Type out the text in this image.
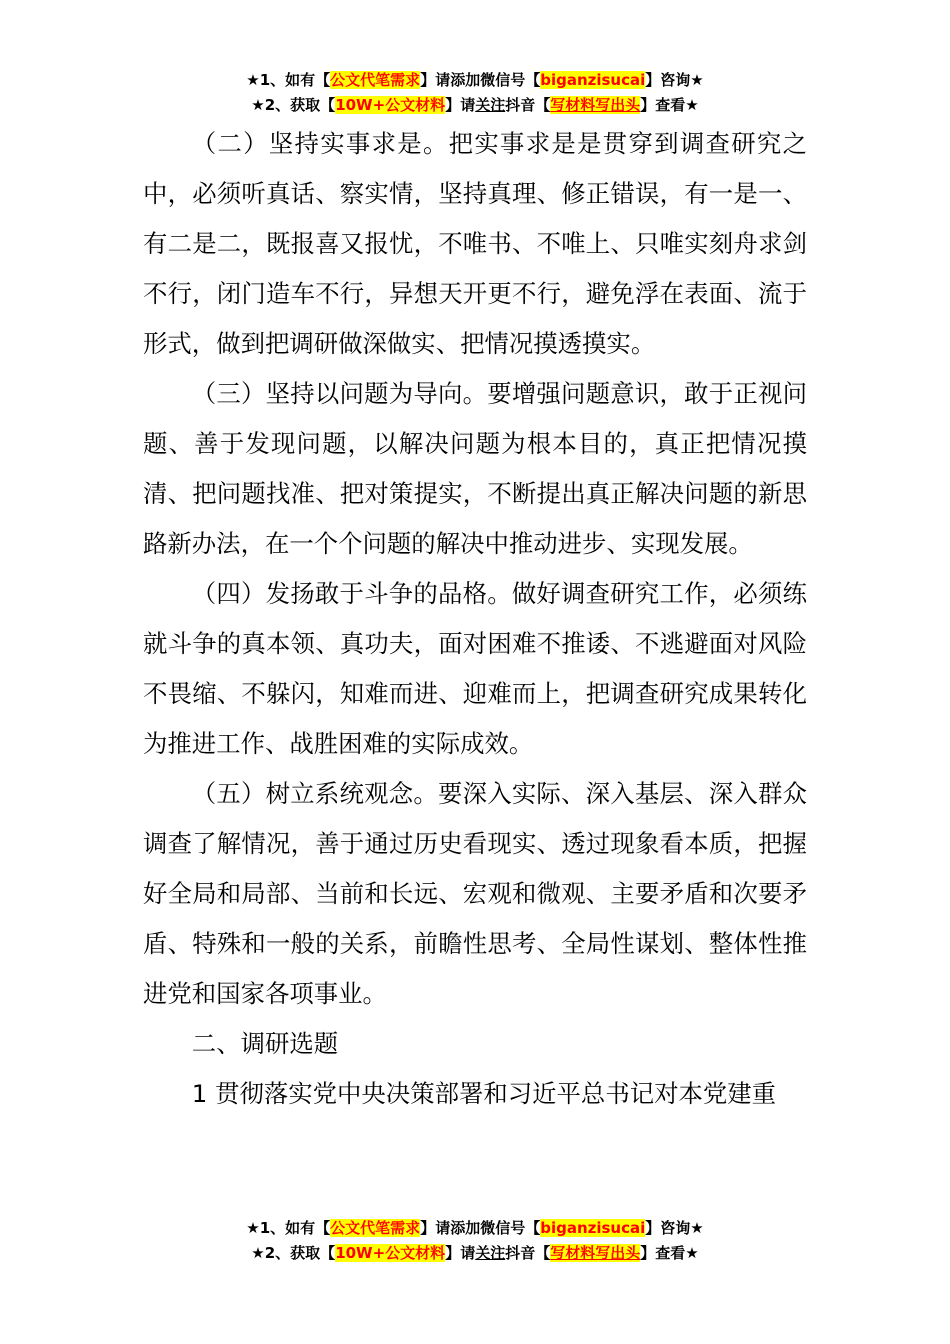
★1、如有【公文代笔需求】请添加微信号【biganzisucai】咨询★
★2、获取【10W+公文材料】请关注抖音【写材料写出头】查看★

（二）坚持实事求是。把实事求是是贯穿到调查研究之中，必须听真话、察实情，坚持真理、修正错误，有一是一、有二是二，既报喜又报忧，不唯书、不唯上、只唯实刻舟求剑不行，闭门造车不行，异想天开更不行，避免浮在表面、流于形式，做到把调研做深做实、把情况摸透摸实。

（三）坚持以问题为导向。要增强问题意识，敢于正视问题、善于发现问题，以解决问题为根本目的，真正把情况摸清、把问题找准、把对策提实，不断提出真正解决问题的新思路新办法，在一个个问题的解决中推动进步、实现发展。

（四）发扬敢于斗争的品格。做好调查研究工作，必须练就斗争的真本领、真功夫，面对困难不推诿、不逃避面对风险不畏缩、不躲闪，知难而进、迎难而上，把调查研究成果转化为推进工作、战胜困难的实际成效。

（五）树立系统观念。要深入实际、深入基层、深入群众调查了解情况，善于通过历史看现实、透过现象看本质，把握好全局和局部、当前和长远、宏观和微观、主要矛盾和次要矛盾、特殊和一般的关系，前瞻性思考、全局性谋划、整体性推进党和国家各项事业。

二、调研选题

1 贯彻落实党中央决策部署和习近平总书记对本党建重

★1、如有【公文代笔需求】请添加微信号【biganzisucai】咨询★
★2、获取【10W+公文材料】请关注抖音【写材料写出头】查看★
